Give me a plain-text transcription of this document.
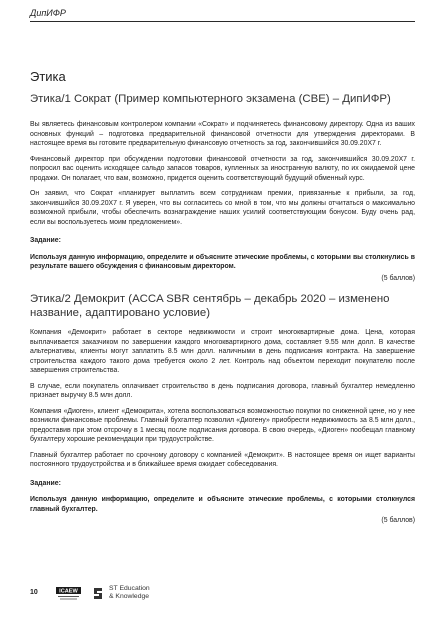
ДипИФР
Этика
Этика/1 Сократ (Пример компьютерного экзамена (СВЕ) – ДипИФР)

Вы являетесь финансовым контролером компании «Сократ» и подчиняетесь финансовому директору. Одна из ваших основных функций – подготовка предварительной финансовой отчетности для утверждения директорами. В настоящее время вы готовите предварительную финансовую отчетность за год, закончившийся 30.09.20Х7 г.

Финансовый директор при обсуждении подготовки финансовой отчетности за год, закончившийся 30.09.20Х7 г. попросил вас оценить исходящее сальдо запасов товаров, купленных за иностранную валюту, по их ожидаемой цене продажи. Он полагает, что вам, возможно, придется оценить соответствующий будущий обменный курс.

Он заявил, что Сократ «планирует выплатить всем сотрудникам премии, привязанные к прибыли, за год, закончившийся 30.09.20Х7 г. Я уверен, что вы согласитесь со мной в том, что мы должны отчитаться о максимально возможной прибыли, чтобы обеспечить вознаграждение наших усилий соответствующим бонусом. Буду очень рад, если вы воспользуетесь моим предложением».

Задание:

Используя данную информацию, определите и объясните этические проблемы, с которыми вы столкнулись в результате вашего обсуждения с финансовым директором.

(5 баллов)

Этика/2 Демокрит (ACCA SBR сентябрь – декабрь 2020 – изменено название, адаптировано условие)

Компания «Демокрит» работает в секторе недвижимости и строит многоквартирные дома. Цена, которая выплачивается заказчиком по завершении каждого многоквартирного дома, составляет 9.55 млн долл. В качестве альтернативы, клиенты могут заплатить 8.5 млн долл. наличными в день подписания контракта. На завершение строительства каждого такого дома требуется около 2 лет. Контроль над объектом переходит покупателю после завершения строительства.

В случае, если покупатель оплачивает строительство в день подписания договора, главный бухгалтер немедленно признает выручку 8.5 млн долл.

Компания «Диоген», клиент «Демокрита», хотела воспользоваться возможностью покупки по сниженной цене, но у нее возникли финансовые проблемы. Главный бухгалтер позволил «Диогену» приобрести недвижимость за 8.5 млн долл., предоставив при этом отсрочку в 1 месяц после подписания договора. В свою очередь, «Диоген» пообещал главному бухгалтеру хорошие рекомендации при трудоустройстве.

Главный бухгалтер работает по срочному договору с компанией «Демокрит». В настоящее время он ищет варианты постоянного трудоустройства и в ближайшее время ожидает собеседования.

Задание:

Используя данную информацию, определите и объясните этические проблемы, с которыми столкнулся главный бухгалтер.

(5 баллов)

10	ICAEW	ST Education
& Knowledge
